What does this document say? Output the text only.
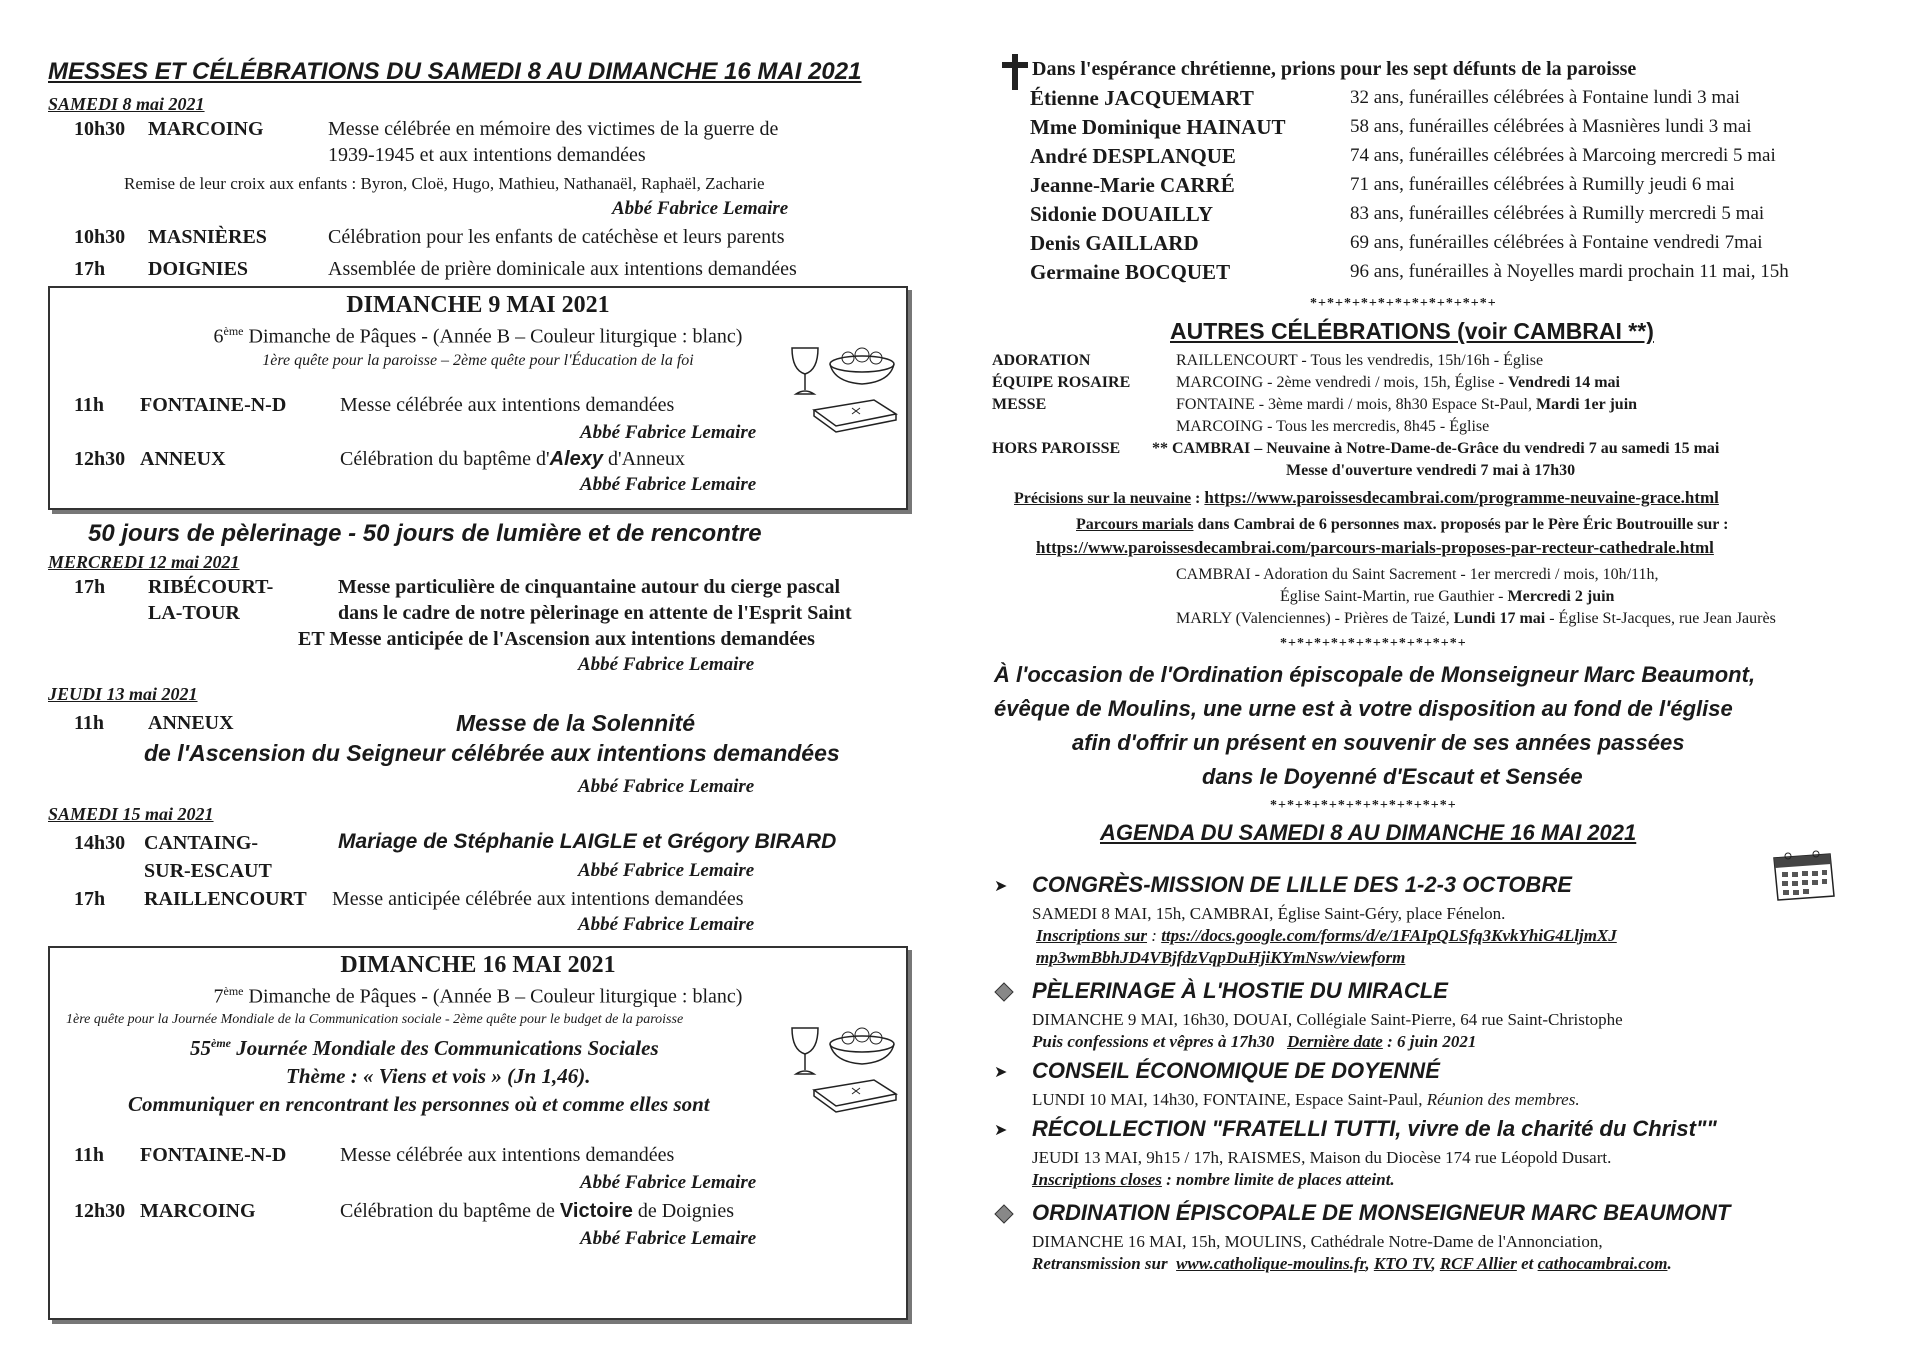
MESSES ET CÉLÉBRATIONS DU SAMEDI 8 AU DIMANCHE 16 MAI 2021
SAMEDI 8 mai 2021
10h30 MARCOING	Messe célébrée en mémoire des victimes de la guerre de
1939-1945 et aux intentions demandées
Remise de leur croix aux enfants : Byron, Cloë, Hugo, Mathieu, Nathanaël, Raphaël, Zacharie
Abbé Fabrice Lemaire
10h30 MASNIÈRES	Célébration pour les enfants de catéchèse et leurs parents
17h DOIGNIES	Assemblée de prière dominicale aux intentions demandées
DIMANCHE 9 MAI 2021
6ème Dimanche de Pâques - (Année B – Couleur liturgique : blanc)
1ère quête pour la paroisse – 2ème quête pour l'Éducation de la foi
11h FONTAINE-N-D	Messe célébrée aux intentions demandées
Abbé Fabrice Lemaire
12h30 ANNEUX	Célébration du baptême d'Alexy d'Anneux
Abbé Fabrice Lemaire
50 jours de pèlerinage - 50 jours de lumière et de rencontre
MERCREDI 12 mai 2021
17h RIBÉCOURT-
LA-TOUR
Messe particulière de cinquantaine autour du cierge pascal
dans le cadre de notre pèlerinage en attente de l'Esprit Saint
ET Messe anticipée de l'Ascension aux intentions demandées
Abbé Fabrice Lemaire
JEUDI 13 mai 2021
11h ANNEUX	Messe de la Solennité
de l'Ascension du Seigneur célébrée aux intentions demandées
Abbé Fabrice Lemaire
SAMEDI 15 mai 2021
14h30 CANTAING-
SUR-ESCAUT
Mariage de Stéphanie LAIGLE et Grégory BIRARD
Abbé Fabrice Lemaire
17h RAILLENCOURT Messe anticipée célébrée aux intentions demandées
Abbé Fabrice Lemaire
DIMANCHE 16 MAI 2021
7ème Dimanche de Pâques - (Année B – Couleur liturgique : blanc)
1ère quête pour la Journée Mondiale de la Communication sociale - 2ème quête pour le budget de la paroisse
55ème Journée Mondiale des Communications Sociales
Thème : « Viens et vois » (Jn 1,46).
Communiquer en rencontrant les personnes où et comme elles sont
11h FONTAINE-N-D	Messe célébrée aux intentions demandées
Abbé Fabrice Lemaire
12h30 MARCOING	Célébration du baptême de Victoire de Doignies
Abbé Fabrice Lemaire
Dans l'espérance chrétienne, prions pour les sept défunts de la paroisse
Étienne JACQUEMART	32 ans, funérailles célébrées à Fontaine lundi 3 mai
Mme Dominique HAINAUT	58 ans, funérailles célébrées à Masnières lundi 3 mai
André DESPLANQUE	74 ans, funérailles célébrées à Marcoing mercredi 5 mai
Jeanne-Marie CARRÉ	71 ans, funérailles célébrées à Rumilly jeudi 6 mai
Sidonie DOUAILLY	83 ans, funérailles célébrées à Rumilly mercredi 5 mai
Denis GAILLARD	69 ans, funérailles célébrées à Fontaine vendredi 7mai
Germaine BOCQUET	96 ans, funérailles à Noyelles mardi prochain 11 mai, 15h
*+*+*+*+*+*+*+*+*+*+*+
AUTRES CÉLÉBRATIONS (voir CAMBRAI **)
ADORATION	RAILLENCOURT - Tous les vendredis, 15h/16h - Église
ÉQUIPE ROSAIRE	MARCOING - 2ème vendredi / mois, 15h, Église - Vendredi 14 mai
MESSE	FONTAINE - 3ème mardi / mois, 8h30 Espace St-Paul, Mardi 1er juin
MARCOING - Tous les mercredis, 8h45 - Église
HORS PAROISSE ** CAMBRAI – Neuvaine à Notre-Dame-de-Grâce du vendredi 7 au samedi 15 mai
Messe d'ouverture vendredi 7 mai à 17h30
Précisions sur la neuvaine : https://www.paroissesdecambrai.com/programme-neuvaine-grace.html
Parcours marials dans Cambrai de 6 personnes max. proposés par le Père Éric Boutrouille sur :
https://www.paroissesdecambrai.com/parcours-marials-proposes-par-recteur-cathedrale.html
CAMBRAI - Adoration du Saint Sacrement - 1er mercredi / mois, 10h/11h,
Église Saint-Martin, rue Gauthier - Mercredi 2 juin
MARLY (Valenciennes) - Prières de Taizé, Lundi 17 mai - Église St-Jacques, rue Jean Jaurès
*+*+*+*+*+*+*+*+*+*+*+
À l'occasion de l'Ordination épiscopale de Monseigneur Marc Beaumont,
évêque de Moulins, une urne est à votre disposition au fond de l'église
afin d'offrir un présent en souvenir de ses années passées
dans le Doyenné d'Escaut et Sensée
*+*+*+*+*+*+*+*+*+*+*+
AGENDA DU SAMEDI 8 AU DIMANCHE 16 MAI 2021
➤ CONGRÈS-MISSION DE LILLE DES 1-2-3 OCTOBRE
SAMEDI 8 MAI, 15h, CAMBRAI, Église Saint-Géry, place Fénelon.
Inscriptions sur : ttps://docs.google.com/forms/d/e/1FAIpQLSfq3KvkYhiG4LljmXJ
mp3wmBbhJD4VBjfdzVqpDuHjiKYmNsw/viewform
PÈLERINAGE À L'HOSTIE DU MIRACLE
DIMANCHE 9 MAI, 16h30, DOUAI, Collégiale Saint-Pierre, 64 rue Saint-Christophe
Puis confessions et vêpres à 17h30 Dernière date : 6 juin 2021
➤ CONSEIL ÉCONOMIQUE DE DOYENNÉ
LUNDI 10 MAI, 14h30, FONTAINE, Espace Saint-Paul, Réunion des membres.
➤ RÉCOLLECTION "FRATELLI TUTTI, vivre de la charité du Christ""
JEUDI 13 MAI, 9h15 / 17h, RAISMES, Maison du Diocèse 174 rue Léopold Dusart.
Inscriptions closes : nombre limite de places atteint.
ORDINATION ÉPISCOPALE DE MONSEIGNEUR MARC BEAUMONT
DIMANCHE 16 MAI, 15h, MOULINS, Cathédrale Notre-Dame de l'Annonciation,
Retransmission sur www.catholique-moulins.fr, KTO TV, RCF Allier et cathocambrai.com.
